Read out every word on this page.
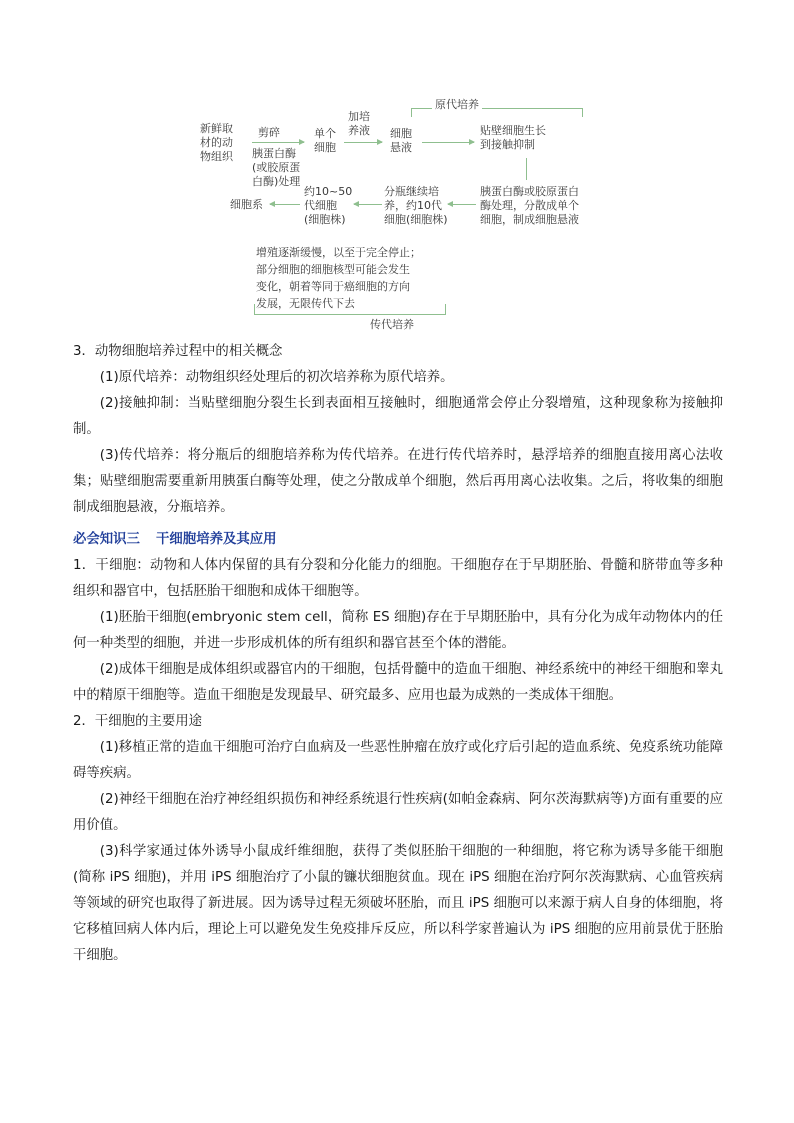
原代培养
新鲜取
材的动
物组织
剪碎
胰蛋白酶
(或胶原蛋
白酶)处理
单个
细胞
加培
养液 细胞
悬液
贴壁细胞生长
到接触抑制
胰蛋白酶或胶原蛋白
酶处理，分散成单个
细胞，制成细胞悬液
分瓶继续培
养，约10代
细胞(细胞株)
约10~50
代细胞
(细胞株)
细胞系
增殖逐渐缓慢，以至于完全停止；
部分细胞的细胞核型可能会发生
变化，朝着等同于癌细胞的方向
发展，无限传代下去
传代培养

3．动物细胞培养过程中的相关概念

(1)原代培养：动物组织经处理后的初次培养称为原代培养。

(2)接触抑制：当贴壁细胞分裂生长到表面相互接触时，细胞通常会停止分裂增殖，这种现象称为接触抑制。

(3)传代培养：将分瓶后的细胞培养称为传代培养。在进行传代培养时，悬浮培养的细胞直接用离心法收集；贴壁细胞需要重新用胰蛋白酶等处理，使之分散成单个细胞，然后再用离心法收集。之后，将收集的细胞制成细胞悬液，分瓶培养。

必会知识三 干细胞培养及其应用

1．干细胞：动物和人体内保留的具有分裂和分化能力的细胞。干细胞存在于早期胚胎、骨髓和脐带血等多种组织和器官中，包括胚胎干细胞和成体干细胞等。

(1)胚胎干细胞(embryonic stem cell，简称 ES 细胞)存在于早期胚胎中，具有分化为成年动物体内的任何一种类型的细胞，并进一步形成机体的所有组织和器官甚至个体的潜能。

(2)成体干细胞是成体组织或器官内的干细胞，包括骨髓中的造血干细胞、神经系统中的神经干细胞和睾丸中的精原干细胞等。造血干细胞是发现最早、研究最多、应用也最为成熟的一类成体干细胞。

2．干细胞的主要用途

(1)移植正常的造血干细胞可治疗白血病及一些恶性肿瘤在放疗或化疗后引起的造血系统、免疫系统功能障碍等疾病。

(2)神经干细胞在治疗神经组织损伤和神经系统退行性疾病(如帕金森病、阿尔茨海默病等)方面有重要的应用价值。

(3)科学家通过体外诱导小鼠成纤维细胞，获得了类似胚胎干细胞的一种细胞，将它称为诱导多能干细胞(简称 iPS 细胞)，并用 iPS 细胞治疗了小鼠的镰状细胞贫血。现在 iPS 细胞在治疗阿尔茨海默病、心血管疾病等领域的研究也取得了新进展。因为诱导过程无须破坏胚胎，而且 iPS 细胞可以来源于病人自身的体细胞，将它移植回病人体内后，理论上可以避免发生免疫排斥反应，所以科学家普遍认为 iPS 细胞的应用前景优于胚胎干细胞。
